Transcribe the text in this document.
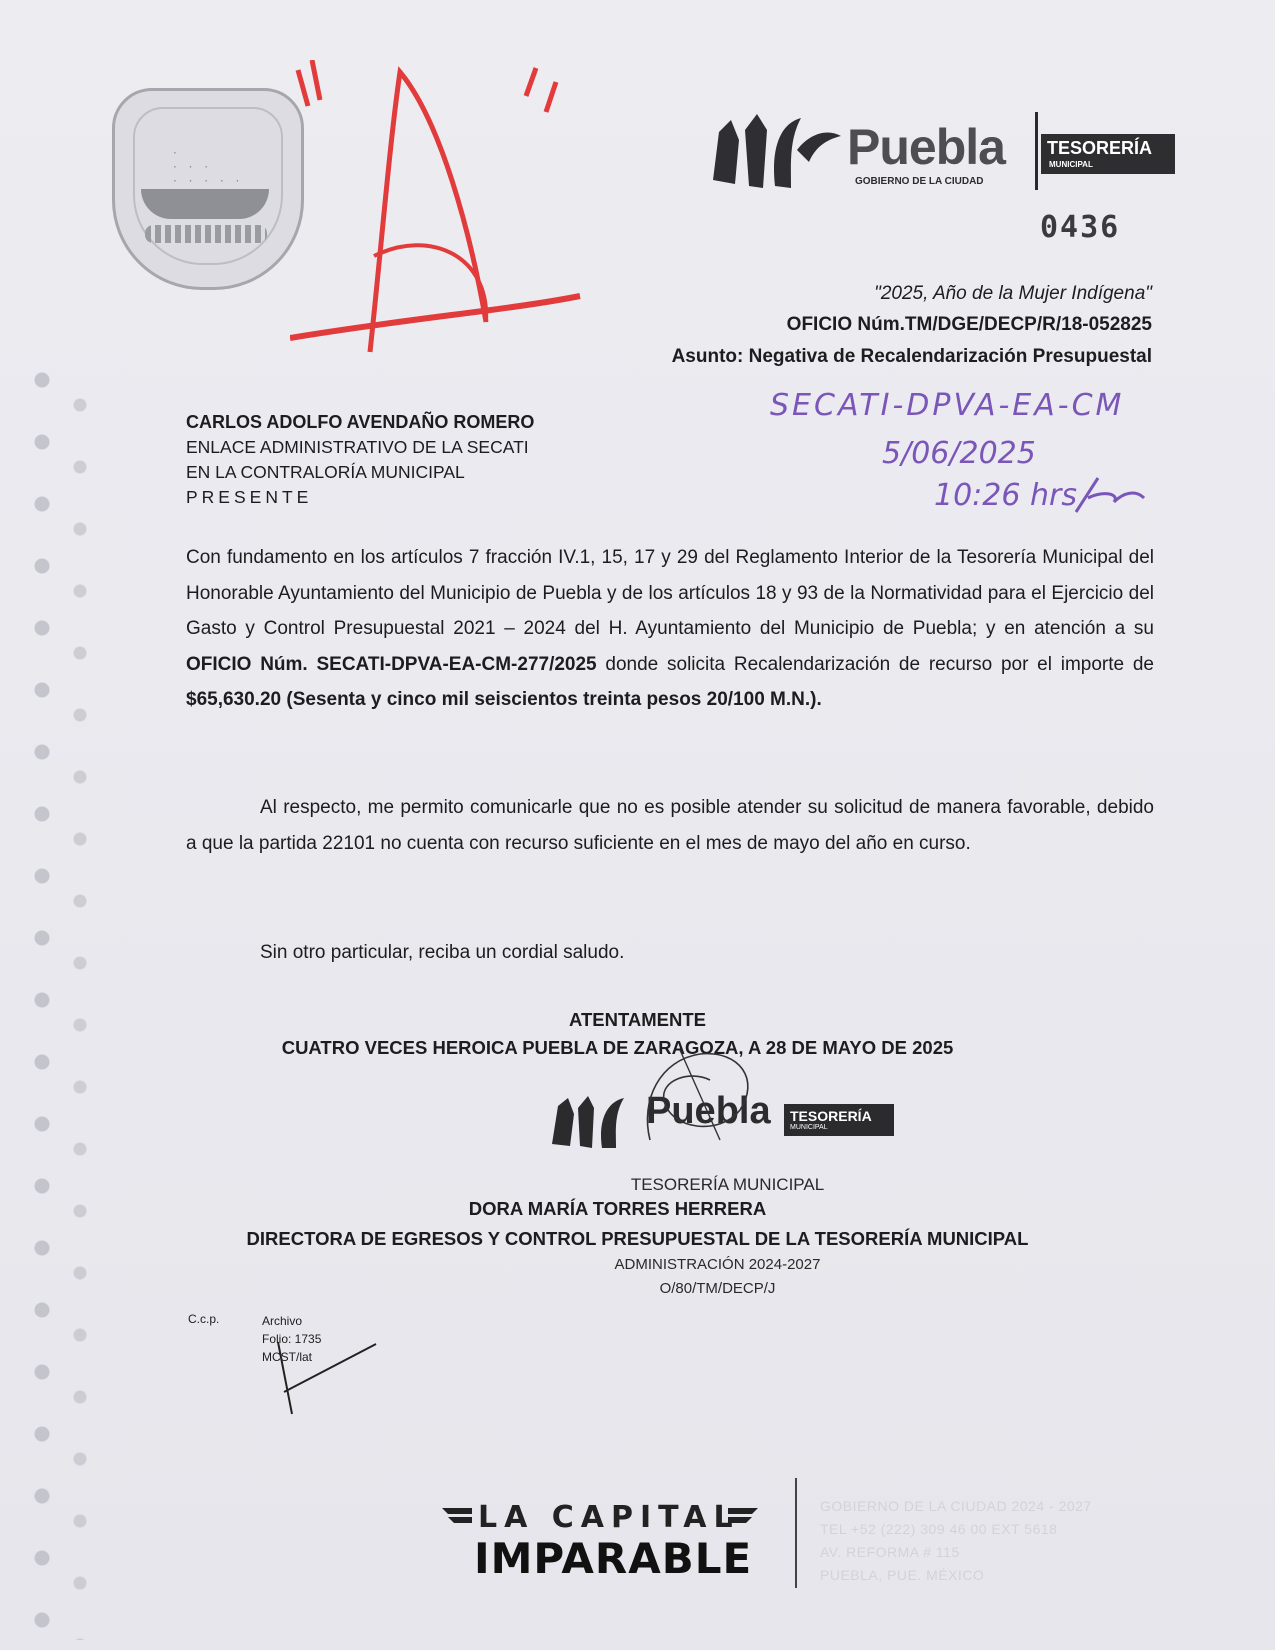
·
· · ·
· · · · ·
Puebla
GOBIERNO DE LA CIUDAD
TESORERÍA
MUNICIPAL
0436
"2025, Año de la Mujer Indígena"
OFICIO Núm.TM/DGE/DECP/R/18-052825
Asunto: Negativa de Recalendarización Presupuestal
CARLOS ADOLFO AVENDAÑO ROMERO
ENLACE ADMINISTRATIVO DE LA SECATI
EN LA CONTRALORÍA MUNICIPAL
PRESENTE
SECATI-DPVA-EA-CM
5/06/2025
10:26 hrs
Con fundamento en los artículos 7 fracción IV.1, 15, 17 y 29 del Reglamento Interior de la Tesorería Municipal del Honorable Ayuntamiento del Municipio de Puebla y de los artículos 18 y 93 de la Normatividad para el Ejercicio del Gasto y Control Presupuestal 2021 – 2024 del H. Ayuntamiento del Municipio de Puebla; y en atención a su OFICIO Núm. SECATI-DPVA-EA-CM-277/2025 donde solicita Recalendarización de recurso por el importe de $65,630.20 (Sesenta y cinco mil seiscientos treinta pesos 20/100 M.N.).
Al respecto, me permito comunicarle que no es posible atender su solicitud de manera favorable, debido a que la partida 22101 no cuenta con recurso suficiente en el mes de mayo del año en curso.
Sin otro particular, reciba un cordial saludo.
ATENTAMENTE
CUATRO VECES HEROICA PUEBLA DE ZARAGOZA, A 28 DE MAYO DE 2025
Puebla TESORERÍA
MUNICIPAL
TESORERÍA MUNICIPAL
DORA MARÍA TORRES HERRERA
DIRECTORA DE EGRESOS Y CONTROL PRESUPUESTAL DE LA TESORERÍA MUNICIPAL
ADMINISTRACIÓN 2024-2027
O/80/TM/DECP/J
C.c.p.	Archivo
Folio: 1735
MCST/lat
LA CAPITAL
IMPARABLE
GOBIERNO DE LA CIUDAD 2024 - 2027
TEL +52 (222) 309 46 00 EXT 5618
AV. REFORMA # 115
PUEBLA, PUE. MÉXICO
